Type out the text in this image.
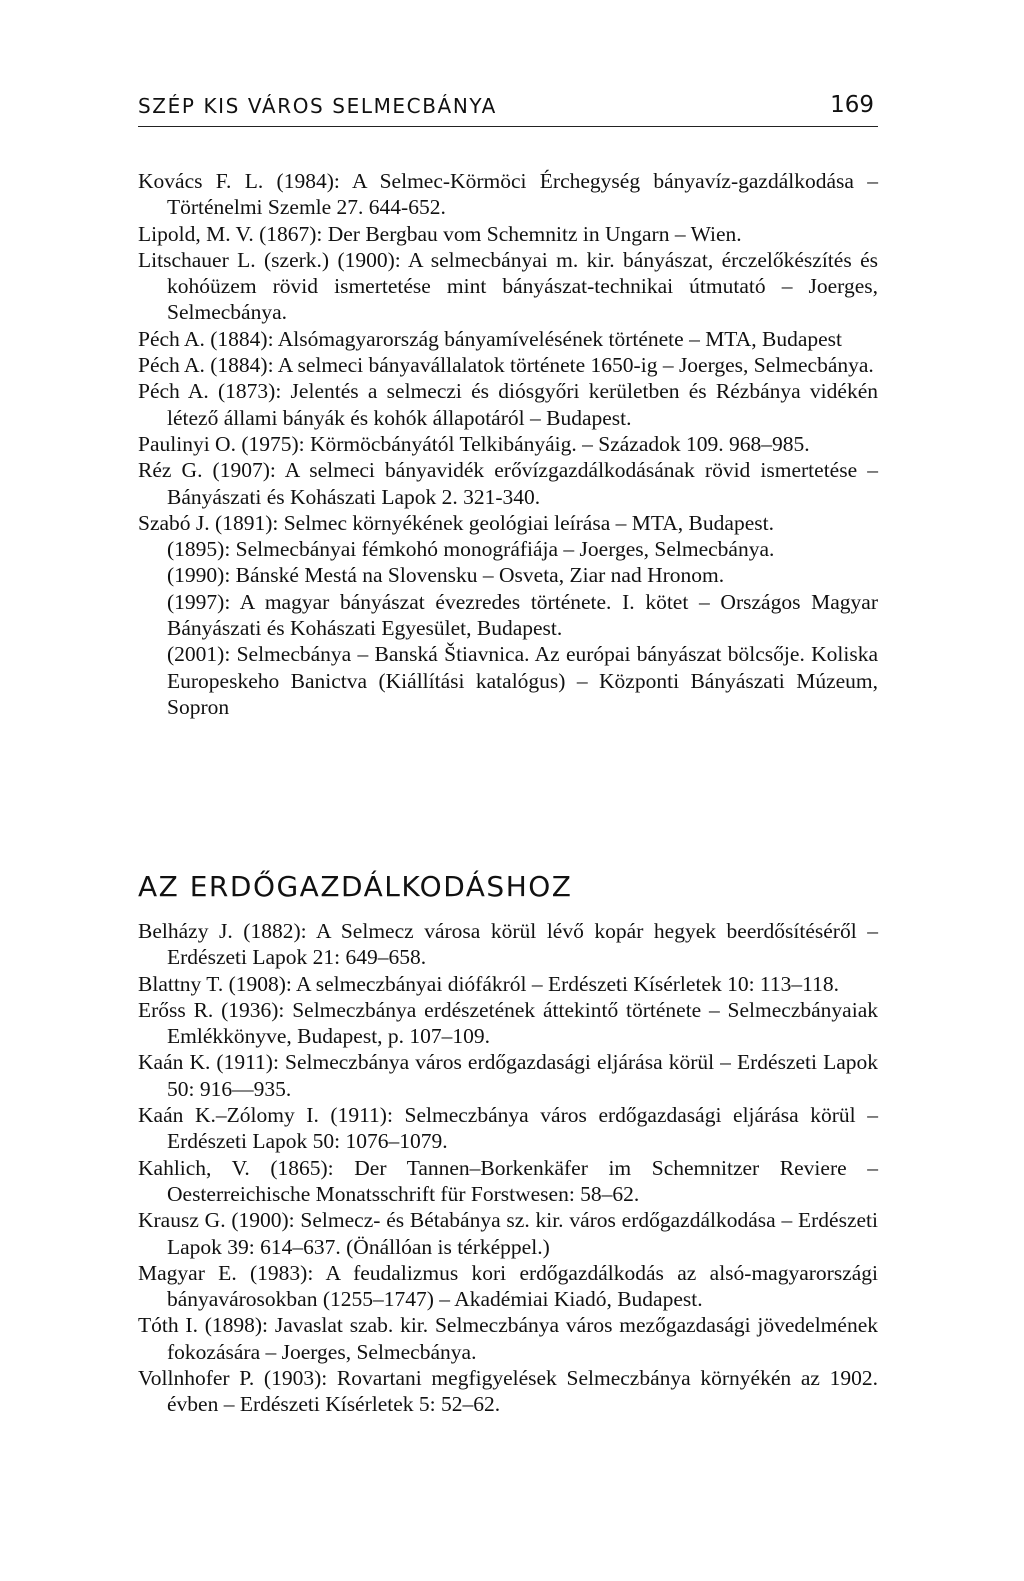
SZÉP KIS VÁROS SELMECBÁNYA	169

Kovács F. L. (1984): A Selmec-Körmöci Érchegység bányavíz-gazdálkodása – Történelmi Szemle 27. 644-652.

Lipold, M. V. (1867): Der Bergbau vom Schemnitz in Ungarn – Wien.

Litschauer L. (szerk.) (1900): A selmecbányai m. kir. bányászat, érczelőkészítés és kohóüzem rövid ismertetése mint bányászat-technikai útmutató – Joerges, Selmecbánya.

Péch A. (1884): Alsómagyarország bányamívelésének története – MTA, Budapest

Péch A. (1884): A selmeci bányavállalatok története 1650-ig – Joerges, Selmecbánya.

Péch A. (1873): Jelentés a selmeczi és diósgyőri kerületben és Rézbánya vidékén létező állami bányák és kohók állapotáról – Budapest.

Paulinyi O. (1975): Körmöcbányától Telkibányáig. – Századok 109. 968–985.

Réz G. (1907): A selmeci bányavidék erővízgazdálkodásának rövid ismertetése – Bányászati és Kohászati Lapok 2. 321-340.

Szabó J. (1891): Selmec környékének geológiai leírása – MTA, Budapest.

(1895): Selmecbányai fémkohó monográfiája – Joerges, Selmecbánya.

(1990): Bánské Mestá na Slovensku – Osveta, Ziar nad Hronom.

(1997): A magyar bányászat évezredes története. I. kötet – Országos Magyar Bányászati és Kohászati Egyesület, Budapest.

(2001): Selmecbánya – Banská Štiavnica. Az európai bányászat bölcsője. Koliska Europeskeho Banictva (Kiállítási katalógus) – Központi Bányászati Múzeum, Sopron

AZ ERDŐGAZDÁLKODÁSHOZ

Belházy J. (1882): A Selmecz városa körül lévő kopár hegyek beerdősítéséről – Erdészeti Lapok 21: 649–658.

Blattny T. (1908): A selmeczbányai diófákról – Erdészeti Kísérletek 10: 113–118.

Erőss R. (1936): Selmeczbánya erdészetének áttekintő története – Selmeczbányaiak Emlékkönyve, Budapest, p. 107–109.

Kaán K. (1911): Selmeczbánya város erdőgazdasági eljárása körül – Erdészeti Lapok 50: 916—935.

Kaán K.–Zólomy I. (1911): Selmeczbánya város erdőgazdasági eljárása körül – Erdészeti Lapok 50: 1076–1079.

Kahlich, V. (1865): Der Tannen–Borkenkäfer im Schemnitzer Reviere – Oesterreichische Monatsschrift für Forstwesen: 58–62.

Krausz G. (1900): Selmecz- és Bétabánya sz. kir. város erdőgazdálkodása – Erdészeti Lapok 39: 614–637. (Önállóan is térképpel.)

Magyar E. (1983): A feudalizmus kori erdőgazdálkodás az alsó-magyarországi bányavárosokban (1255–1747) – Akadémiai Kiadó, Budapest.

Tóth I. (1898): Javaslat szab. kir. Selmeczbánya város mezőgazdasági jövedelmének fokozására – Joerges, Selmecbánya.

Vollnhofer P. (1903): Rovartani megfigyelések Selmeczbánya környékén az 1902. évben – Erdészeti Kísérletek 5: 52–62.
